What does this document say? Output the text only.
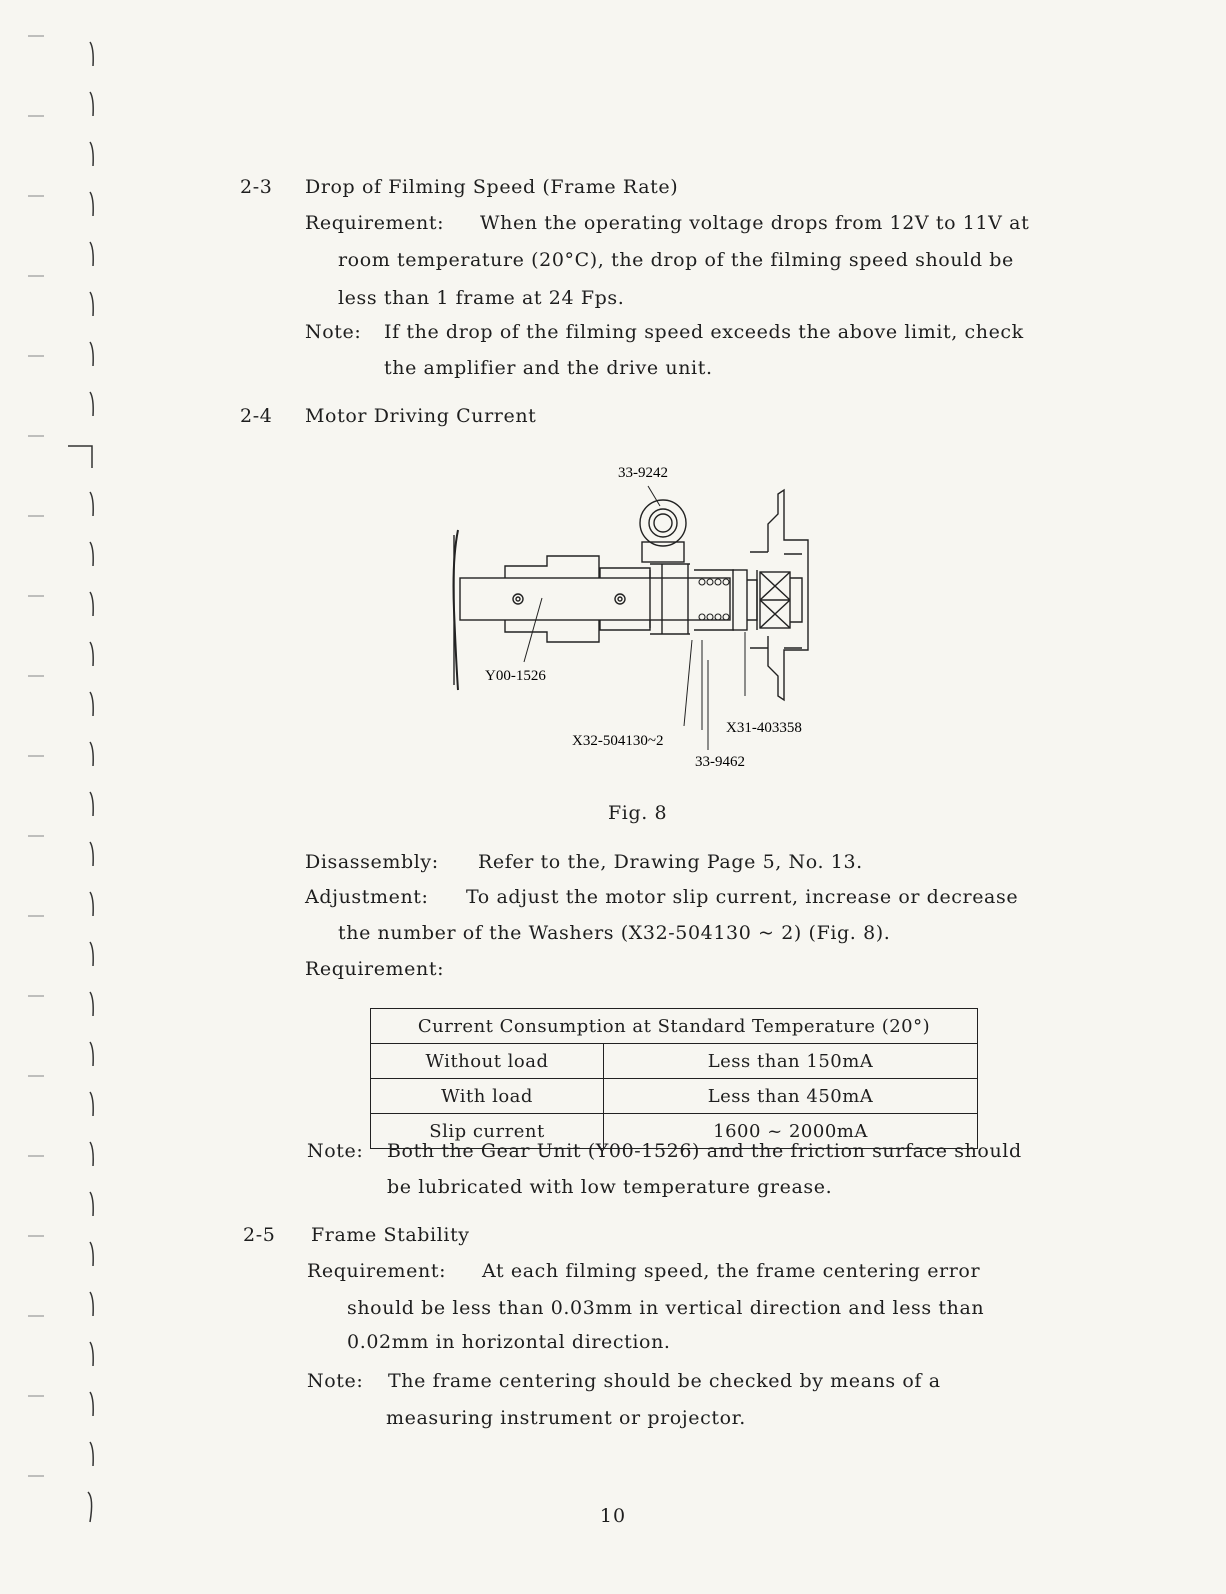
2-3 Drop of Filming Speed (Frame Rate)
Requirement: When the operating voltage drops from 12V to 11V at
room temperature (20°C), the drop of the filming speed should be
less than 1 frame at 24 Fps.
Note: If the drop of the filming speed exceeds the above limit, check
the amplifier and the drive unit.
2-4 Motor Driving Current
33-9242
Y00-1526
X32-504130~2
X31-403358
33-9462
Fig. 8
Disassembly: Refer to the, Drawing Page 5, No. 13.
Adjustment: To adjust the motor slip current, increase or decrease
the number of the Washers (X32-504130 ~ 2) (Fig. 8).
Requirement:
Current Consumption at Standard Temperature (20°)	
Without load	Less than 150mA
With load	Less than 450mA
Slip current	1600 ~ 2000mA
Note: Both the Gear Unit (Y00-1526) and the friction surface should
be lubricated with low temperature grease.
2-5 Frame Stability
Requirement: At each filming speed, the frame centering error
should be less than 0.03mm in vertical direction and less than
0.02mm in horizontal direction.
Note: The frame centering should be checked by means of a
measuring instrument or projector.
10
